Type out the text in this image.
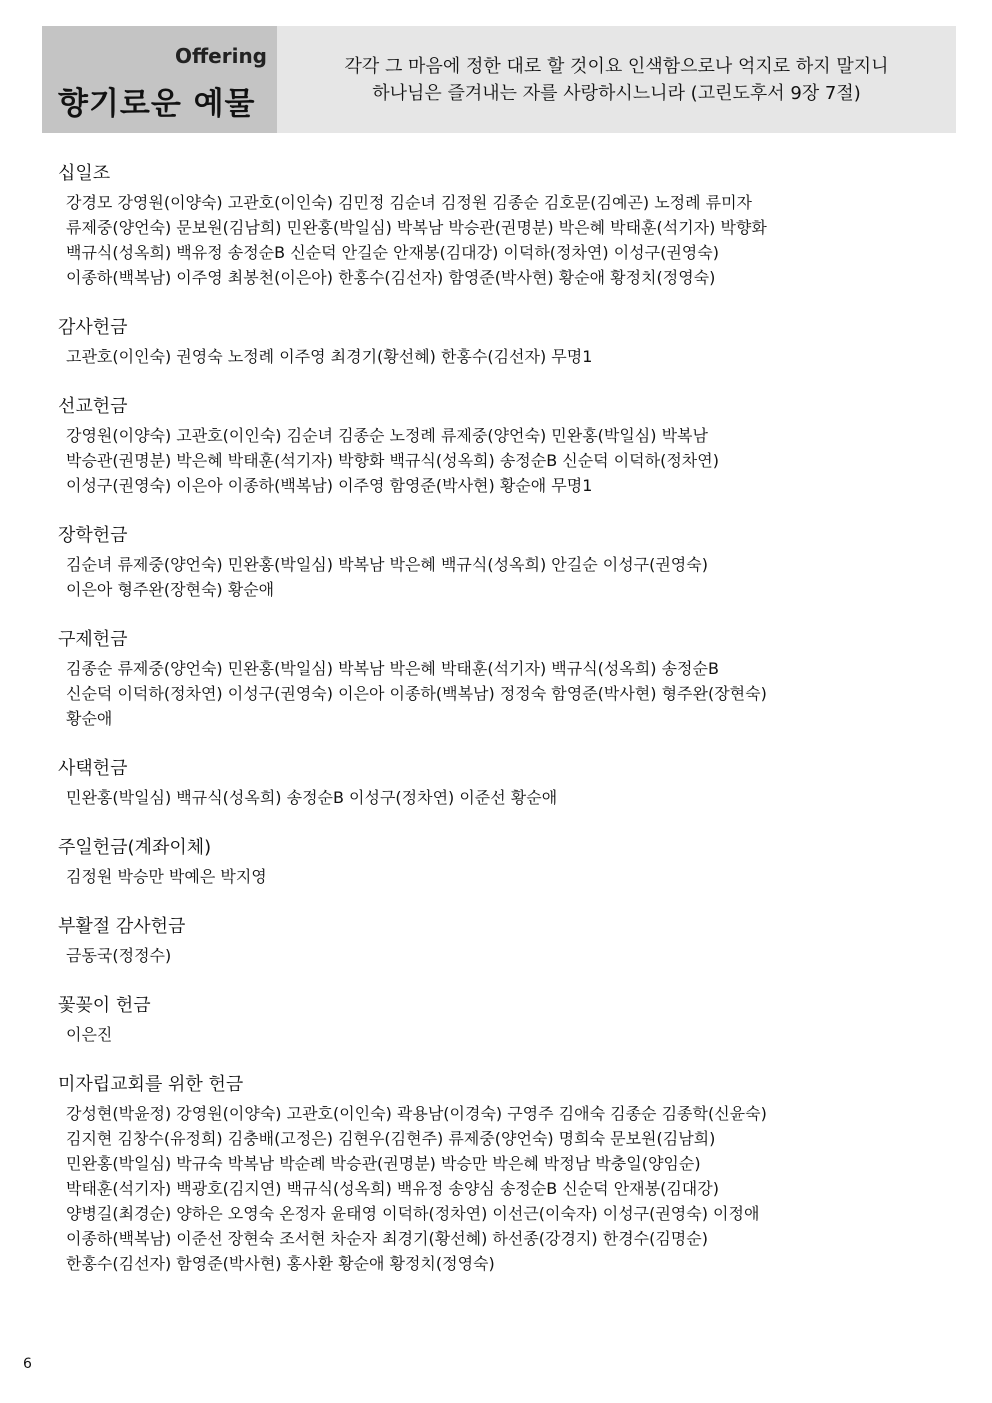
Offering
향기로운 예물
각각 그 마음에 정한 대로 할 것이요 인색함으로나 억지로 하지 말지니
하나님은 즐겨내는 자를 사랑하시느니라 (고린도후서 9장 7절)
십일조
강경모 강영원(이양숙) 고관호(이인숙) 김민정 김순녀 김정원 김종순 김호문(김예곤) 노정례 류미자
류제중(양언숙) 문보원(김남희) 민완홍(박일심) 박복남 박승관(권명분) 박은혜 박태훈(석기자) 박향화
백규식(성옥희) 백유정 송정순B 신순덕 안길순 안재봉(김대강) 이덕하(정차연) 이성구(권영숙)
이종하(백복남) 이주영 최봉천(이은아) 한홍수(김선자) 함영준(박사현) 황순애 황정치(정영숙)
감사헌금
고관호(이인숙) 권영숙 노정례 이주영 최경기(황선혜) 한홍수(김선자) 무명1
선교헌금
강영원(이양숙) 고관호(이인숙) 김순녀 김종순 노정례 류제중(양언숙) 민완홍(박일심) 박복남
박승관(권명분) 박은혜 박태훈(석기자) 박향화 백규식(성옥희) 송정순B 신순덕 이덕하(정차연)
이성구(권영숙) 이은아 이종하(백복남) 이주영 함영준(박사현) 황순애 무명1
장학헌금
김순녀 류제중(양언숙) 민완홍(박일심) 박복남 박은혜 백규식(성옥희) 안길순 이성구(권영숙)
이은아 형주완(장현숙) 황순애
구제헌금
김종순 류제중(양언숙) 민완홍(박일심) 박복남 박은혜 박태훈(석기자) 백규식(성옥희) 송정순B
신순덕 이덕하(정차연) 이성구(권영숙) 이은아 이종하(백복남) 정정숙 함영준(박사현) 형주완(장현숙)
황순애
사택헌금
민완홍(박일심) 백규식(성옥희) 송정순B 이성구(정차연) 이준선 황순애
주일헌금(계좌이체)
김정원 박승만 박예은 박지영
부활절 감사헌금
금동국(정정수)
꽃꽂이 헌금
이은진
미자립교회를 위한 헌금
강성현(박윤정) 강영원(이양숙) 고관호(이인숙) 곽용남(이경숙) 구영주 김애숙 김종순 김종학(신윤숙)
김지현 김창수(유정희) 김충배(고정은) 김현우(김현주) 류제중(양언숙) 명희숙 문보원(김남희)
민완홍(박일심) 박규숙 박복남 박순례 박승관(권명분) 박승만 박은혜 박정남 박충일(양임순)
박태훈(석기자) 백광호(김지연) 백규식(성옥희) 백유정 송양심 송정순B 신순덕 안재봉(김대강)
양병길(최경순) 양하은 오영숙 온정자 윤태영 이덕하(정차연) 이선근(이숙자) 이성구(권영숙) 이정애
이종하(백복남) 이준선 장현숙 조서현 차순자 최경기(황선혜) 하선종(강경지) 한경수(김명순)
한홍수(김선자) 함영준(박사현) 홍사환 황순애 황정치(정영숙)
6
